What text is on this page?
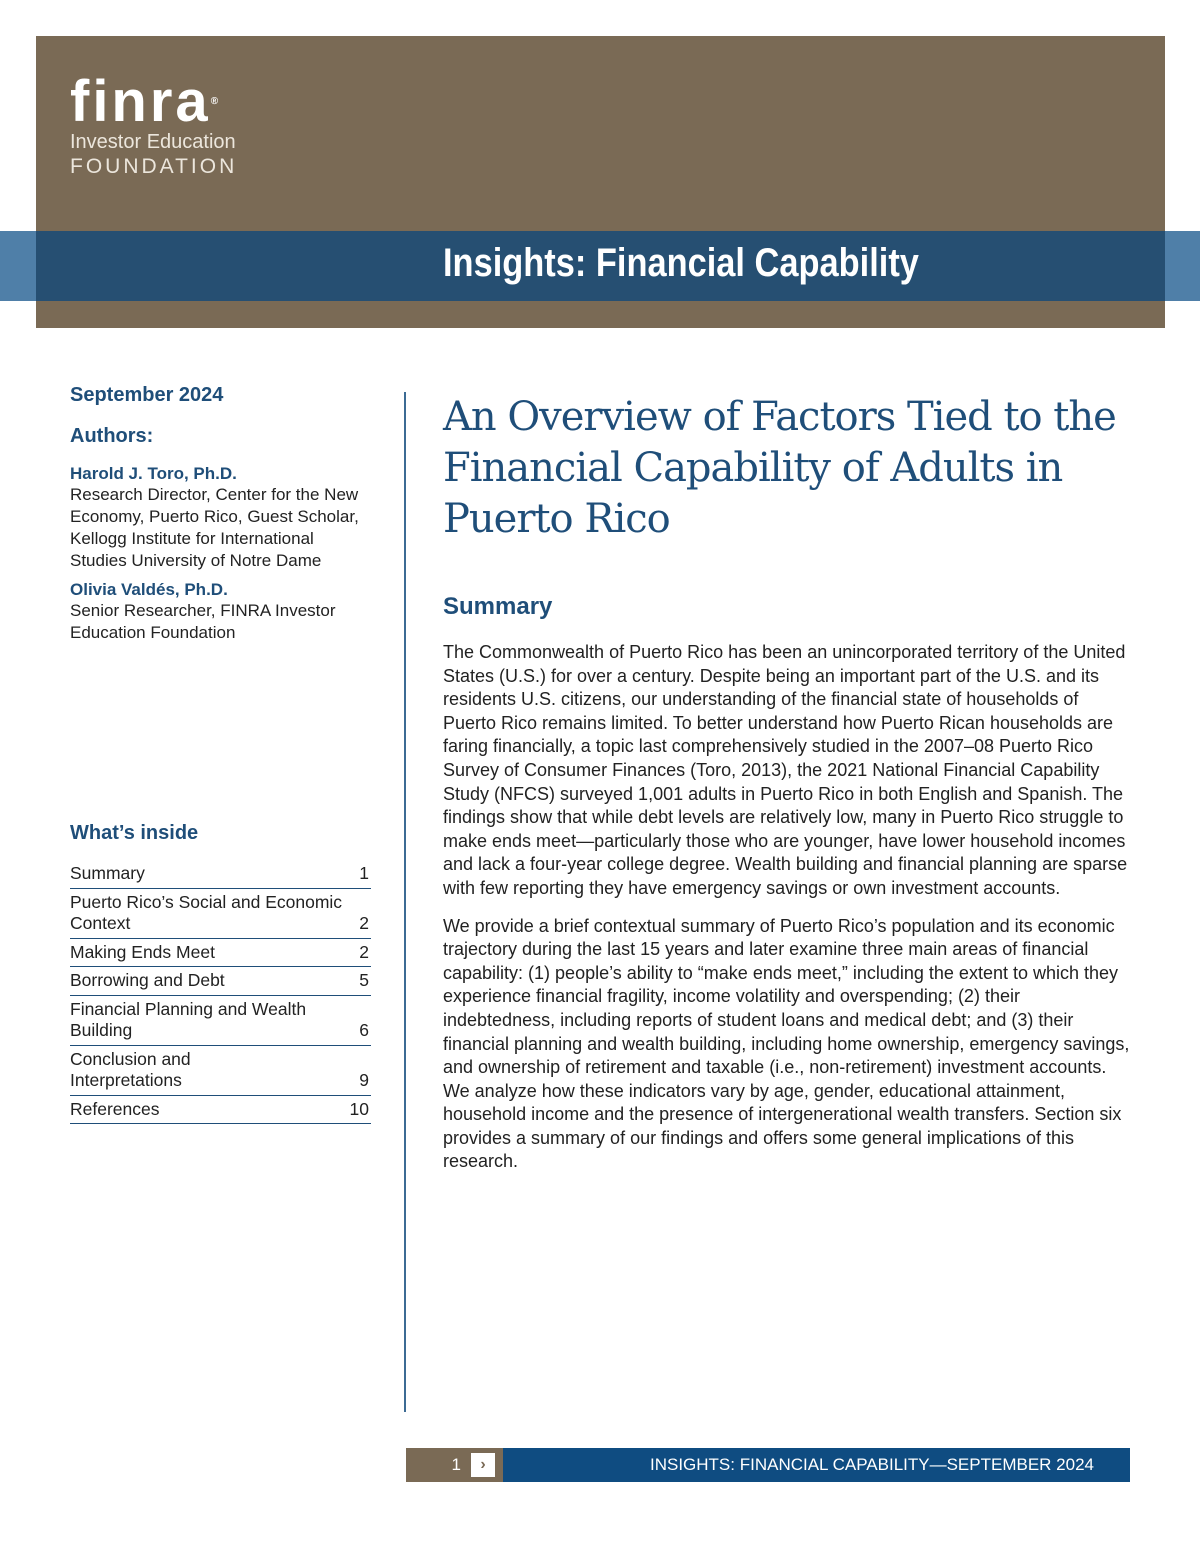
finra®
Investor Education
FOUNDATION
Insights: Financial Capability
September 2024
Authors:
Harold J. Toro, Ph.D.
Research Director, Center for the New Economy, Puerto Rico, Guest Scholar, Kellogg Institute for International Studies University of Notre Dame
Olivia Valdés, Ph.D.
Senior Researcher, FINRA Investor Education Foundation
What’s inside
Summary	1
Puerto Rico’s Social and Economic Context	2
Making Ends Meet	2
Borrowing and Debt	5
Financial Planning and Wealth Building	6
Conclusion and Interpretations	9
References	10
An Overview of Factors Tied to the Financial Capability of Adults in Puerto Rico
Summary

The Commonwealth of Puerto Rico has been an unincorporated territory of the United States (U.S.) for over a century. Despite being an important part of the U.S. and its residents U.S. citizens, our understanding of the financial state of households of Puerto Rico remains limited. To better understand how Puerto Rican households are faring financially, a topic last comprehensively studied in the 2007–08 Puerto Rico Survey of Consumer Finances (Toro, 2013), the 2021 National Financial Capability Study (NFCS) surveyed 1,001 adults in Puerto Rico in both English and Spanish. The findings show that while debt levels are relatively low, many in Puerto Rico struggle to make ends meet—particularly those who are younger, have lower household incomes and lack a four-year college degree. Wealth building and financial planning are sparse with few reporting they have emergency savings or own investment accounts.

We provide a brief contextual summary of Puerto Rico’s population and its economic trajectory during the last 15 years and later examine three main areas of financial capability: (1) people’s ability to “make ends meet,” including the extent to which they experience financial fragility, income volatility and overspending; (2) their indebtedness, including reports of student loans and medical debt; and (3) their financial planning and wealth building, including home ownership, emergency savings, and ownership of retirement and taxable (i.e., non-retirement) investment accounts. We analyze how these indicators vary by age, gender, educational attainment, household income and the presence of intergenerational wealth transfers. Section six provides a summary of our findings and offers some general implications of this research.

1	›	INSIGHTS: FINANCIAL CAPABILITY—SEPTEMBER 2024
